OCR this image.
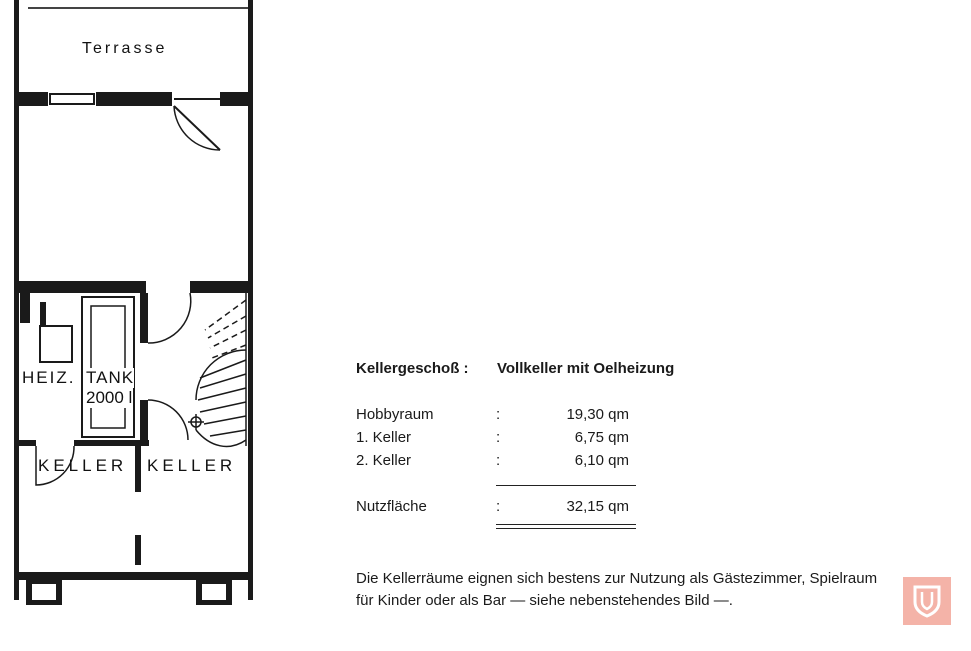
Terrasse
HEIZ. TANK
2000 l
KELLER KELLER
Kellergeschoß : Vollkeller mit Oelheizung
Hobbyraum	:	19,30 qm
1. Keller	:	6,75 qm
2. Keller	:	6,10 qm
Nutzfläche	:	32,15 qm
Die Kellerräume eignen sich bestens zur Nutzung als Gästezimmer, Spielraum
für Kinder oder als Bar — siehe nebenstehendes Bild —.
